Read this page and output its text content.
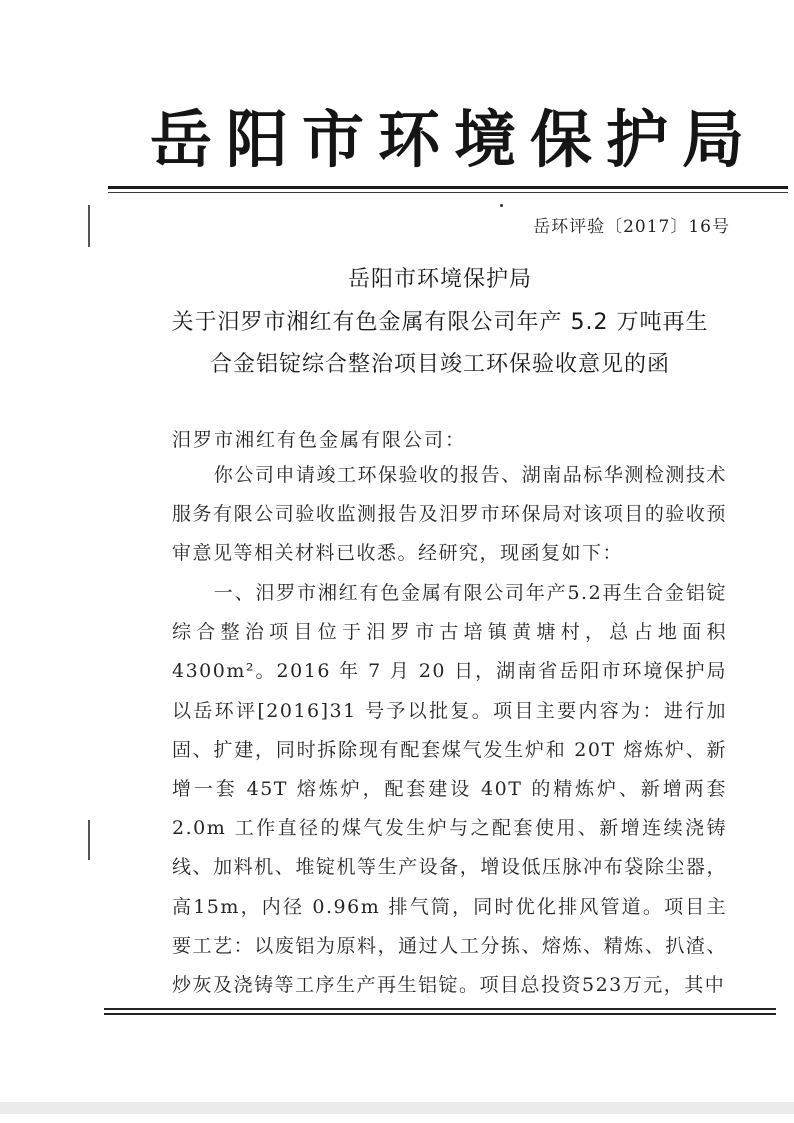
岳阳市环境保护局
岳环评验〔2017〕16号
岳阳市环境保护局
关于汨罗市湘红有色金属有限公司年产 5.2 万吨再生
合金铝锭综合整治项目竣工环保验收意见的函
汨罗市湘红有色金属有限公司：
你公司申请竣工环保验收的报告、湖南品标华测检测技术服务有限公司验收监测报告及汨罗市环保局对该项目的验收预审意见等相关材料已收悉。经研究，现函复如下：
一、汨罗市湘红有色金属有限公司年产5.2再生合金铝锭综合整治项目位于汨罗市古培镇黄塘村，总占地面积4300m²。2016 年 7 月 20 日，湖南省岳阳市环境保护局以岳环评[2016]31 号予以批复。项目主要内容为：进行加固、扩建，同时拆除现有配套煤气发生炉和 20T 熔炼炉、新增一套 45T 熔炼炉，配套建设 40T 的精炼炉、新增两套 2.0m 工作直径的煤气发生炉与之配套使用、新增连续浇铸线、加料机、堆锭机等生产设备，增设低压脉冲布袋除尘器，高15m，内径 0.96m 排气筒，同时优化排风管道。项目主要工艺：以废铝为原料，通过人工分拣、熔炼、精炼、扒渣、炒灰及浇铸等工序生产再生铝锭。项目总投资523万元，其中
